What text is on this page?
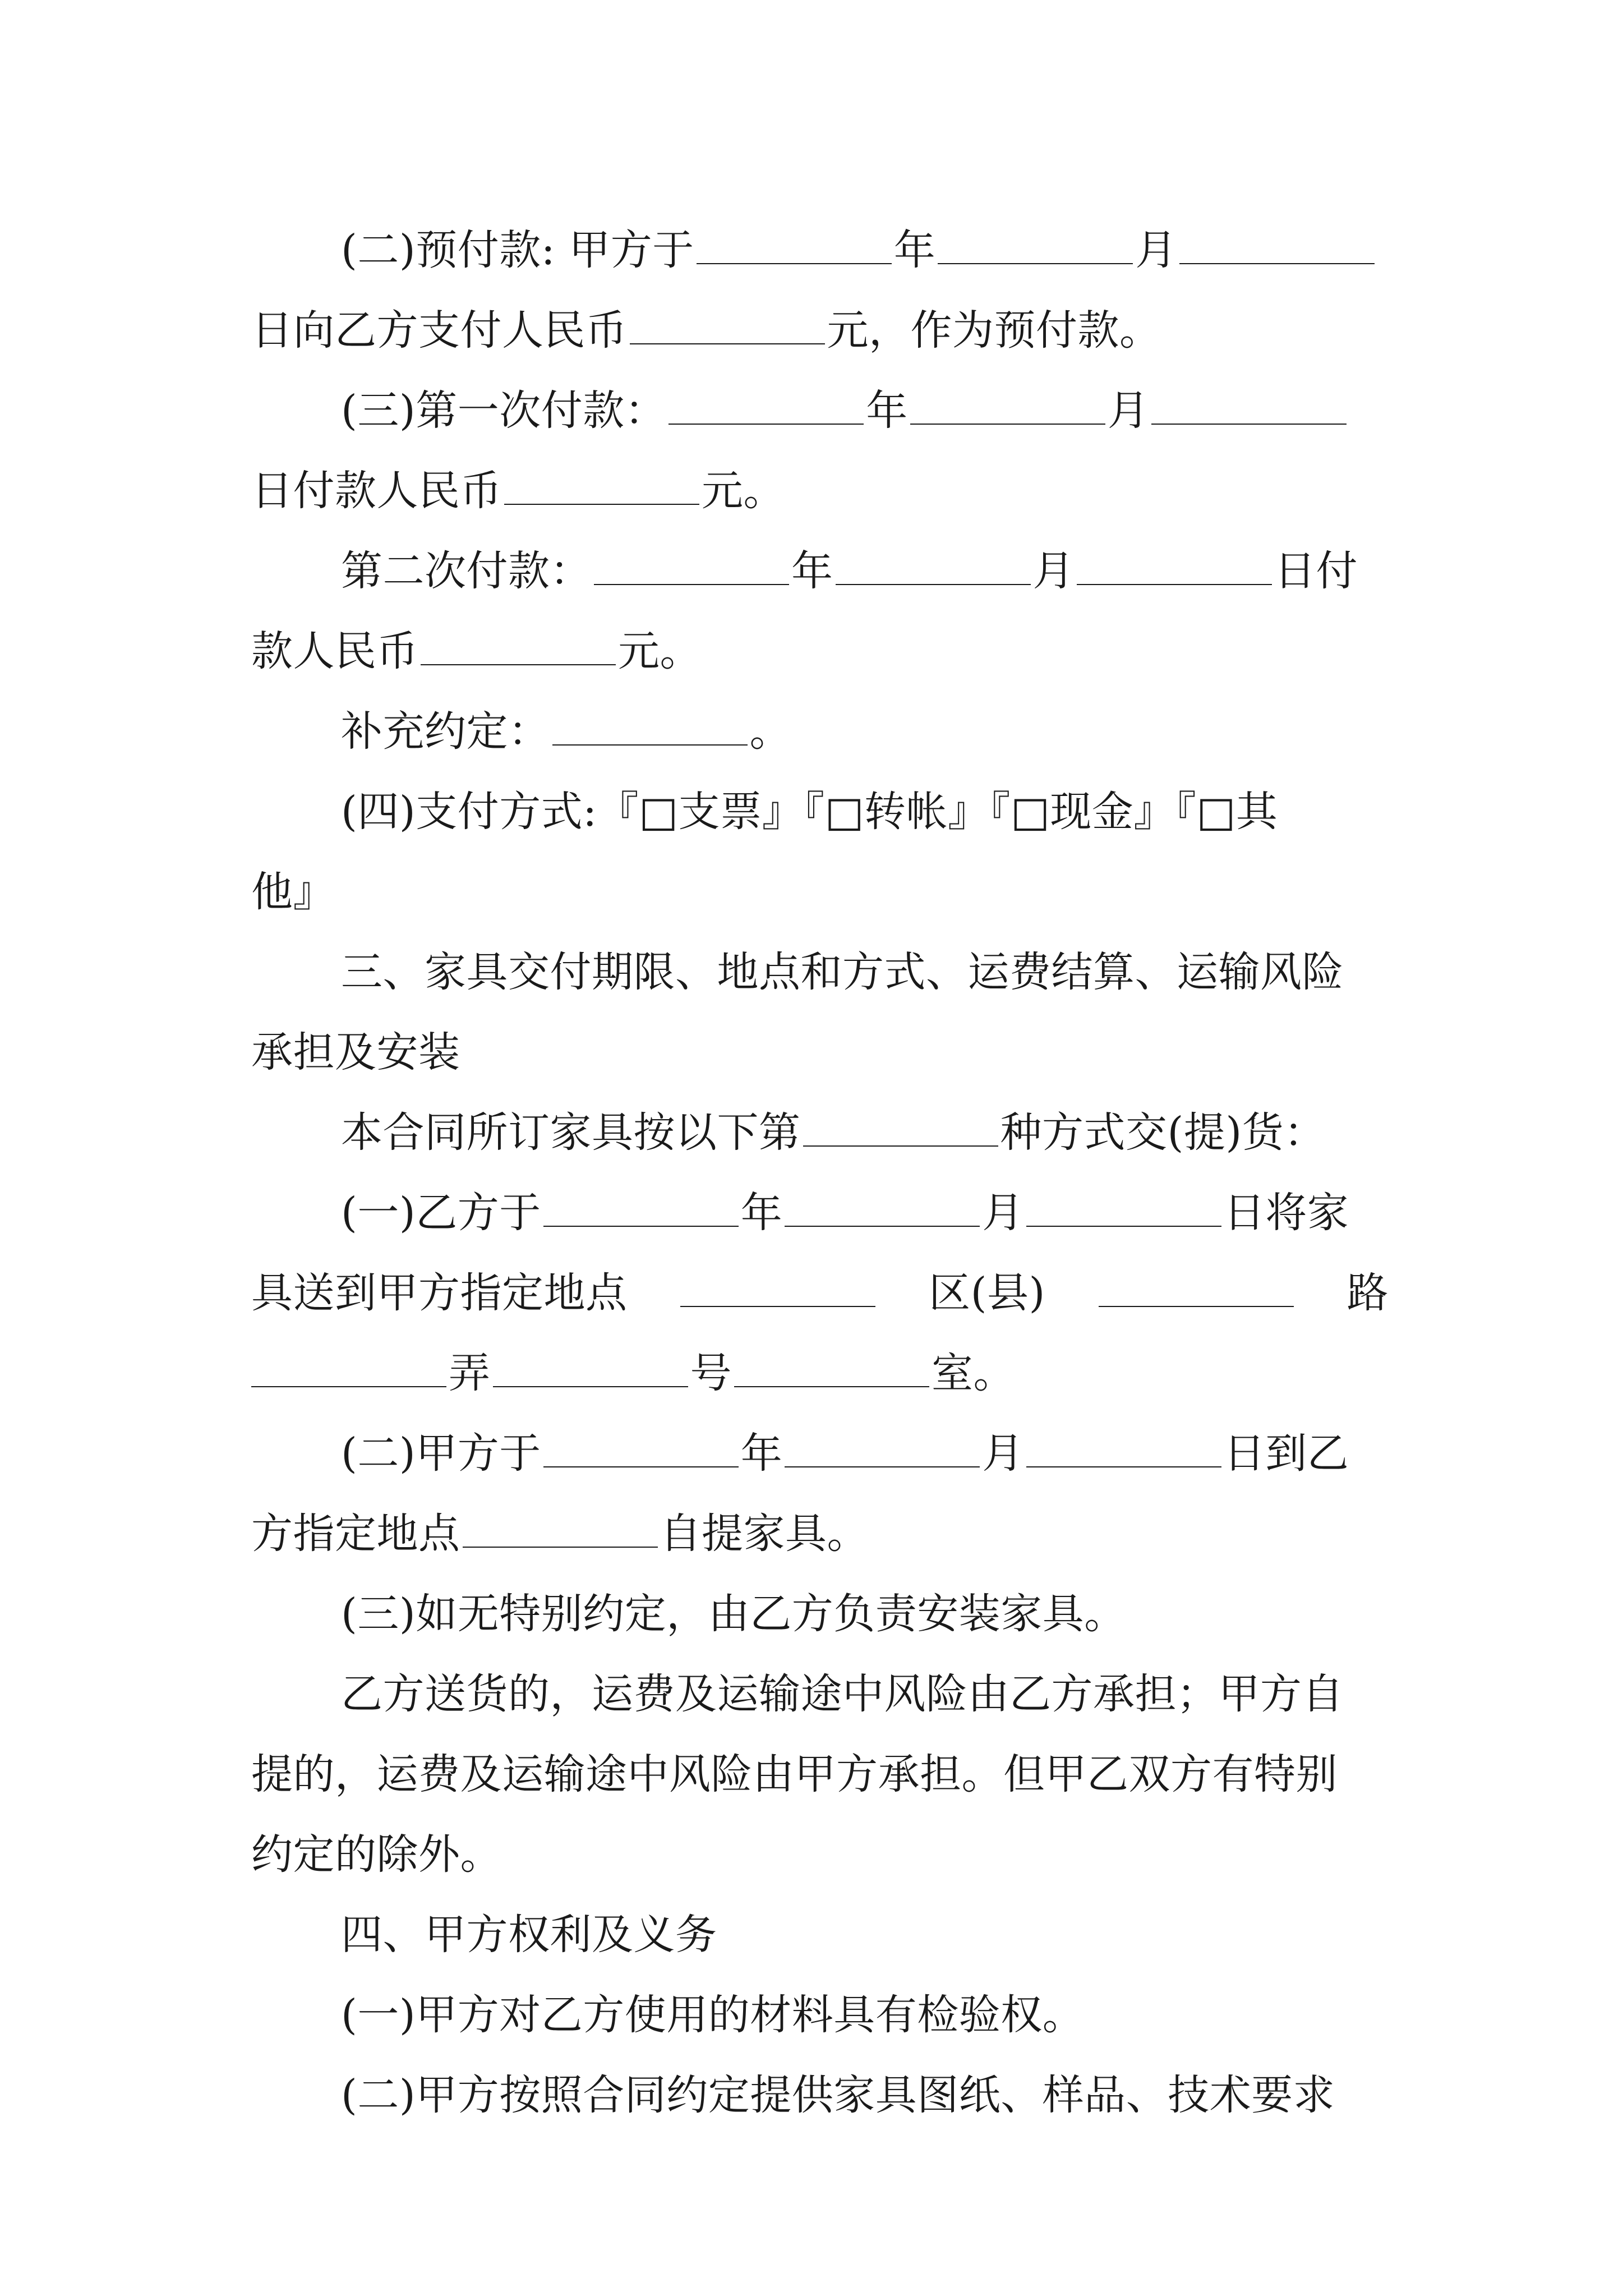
(二)预付款: 甲方于	年	月
日向乙方支付人民币	元，作为预付款。
(三)第一次付款：	年	月
日付款人民币	元。
第二次付款：	年	月	日付
款人民币	元。
补充约定：	。
(四)支付方式:『□支票』『□转帐』『□现金』『□其
他』
三、家具交付期限、地点和方式、运费结算、运输风险
承担及安装
本合同所订家具按以下第	种方式交(提)货：
(一)乙方于	年	月	日将家
具送到甲方指定地点	区(县)	路
弄	号	室。
(二)甲方于	年	月	日到乙
方指定地点	自提家具。
(三)如无特别约定，由乙方负责安装家具。
乙方送货的，运费及运输途中风险由乙方承担；甲方自
提的，运费及运输途中风险由甲方承担。但甲乙双方有特别
约定的除外。
四、甲方权利及义务
(一)甲方对乙方使用的材料具有检验权。
(二)甲方按照合同约定提供家具图纸、样品、技术要求
